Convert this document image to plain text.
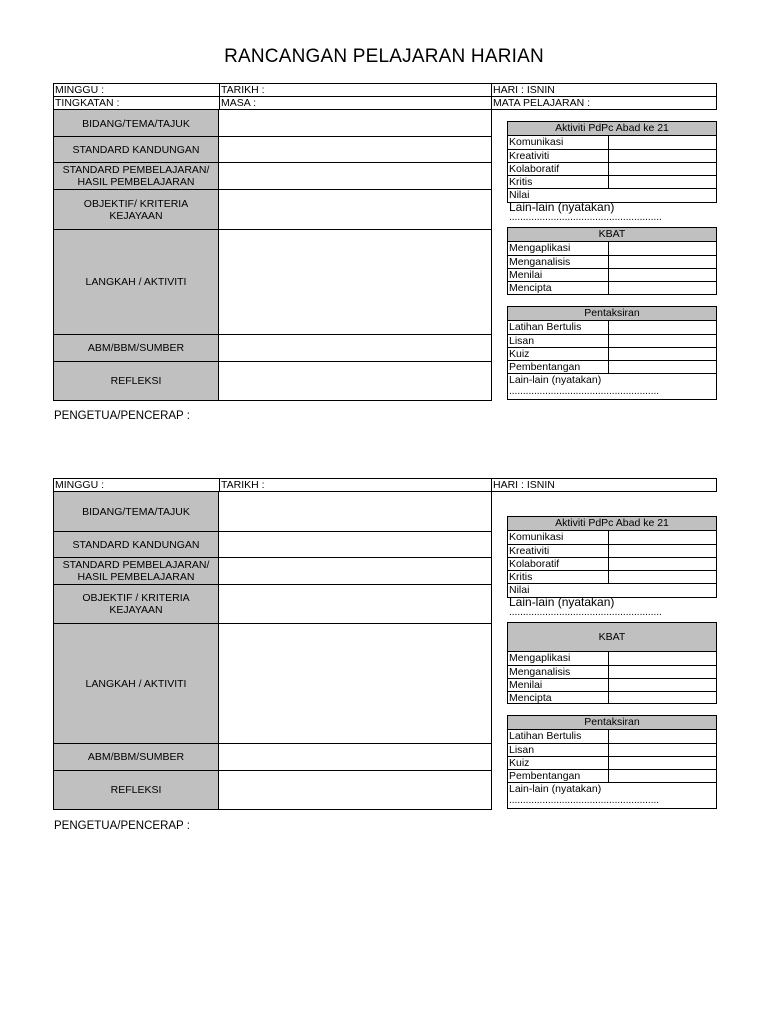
RANCANGAN PELAJARAN HARIAN
MINGGU :	TARIKH :	HARI : ISNIN
TINGKATAN :	MASA :	MATA PELAJARAN :
BIDANG/TEMA/TAJUK
STANDARD KANDUNGAN
STANDARD PEMBELAJARAN/
HASIL PEMBELAJARAN
OBJEKTIF/ KRITERIA
KEJAYAAN
LANGKAH / AKTIVITI
ABM/BBM/SUMBER
REFLEKSI
Aktiviti PdPc Abad ke 21
Komunikasi
Kreativiti
Kolaboratif
Kritis
Nilai
Lain-lain (nyatakan)
.......................................................
KBAT
Mengaplikasi
Menganalisis
Menilai
Mencipta
Pentaksiran
Latihan Bertulis
Lisan
Kuiz
Pembentangan
Lain-lain (nyatakan)
......................................................
PENGETUA/PENCERAP :
MINGGU :	TARIKH :	HARI : ISNIN
BIDANG/TEMA/TAJUK
STANDARD KANDUNGAN
STANDARD PEMBELAJARAN/
HASIL PEMBELAJARAN
OBJEKTIF / KRITERIA
KEJAYAAN
LANGKAH / AKTIVITI
ABM/BBM/SUMBER
REFLEKSI
Aktiviti PdPc Abad ke 21
Komunikasi
Kreativiti
Kolaboratif
Kritis
Nilai
Lain-lain (nyatakan)
.......................................................
KBAT
Mengaplikasi
Menganalisis
Menilai
Mencipta
Pentaksiran
Latihan Bertulis
Lisan
Kuiz
Pembentangan
Lain-lain (nyatakan)
......................................................
PENGETUA/PENCERAP :
